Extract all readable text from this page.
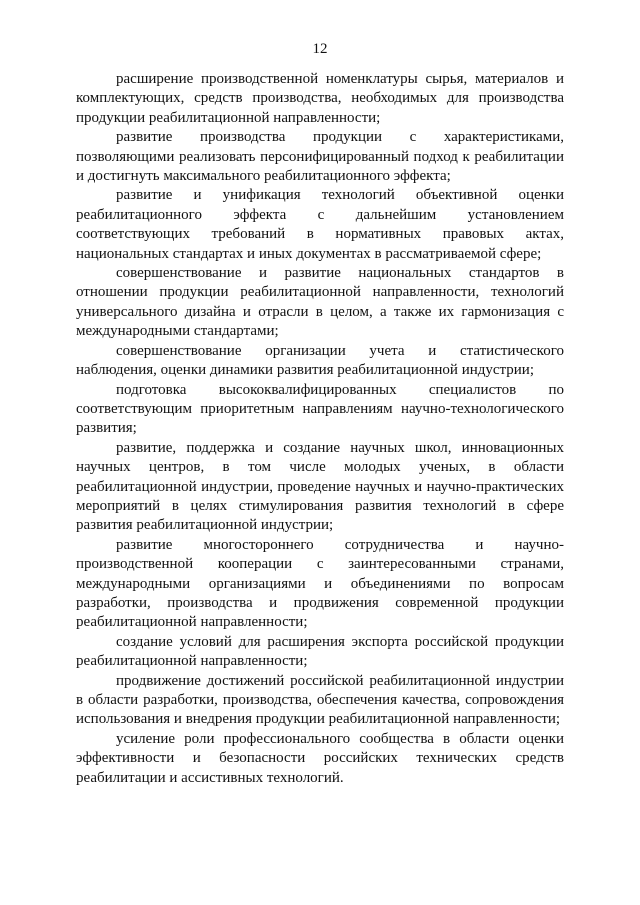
12

расширение производственной номенклатуры сырья, материалов и комплектующих, средств производства, необходимых для производства продукции реабилитационной направленности;

развитие производства продукции с характеристиками, позволяющими реализовать персонифицированный подход к реабилитации и достигнуть максимального реабилитационного эффекта;

развитие и унификация технологий объективной оценки реабилитационного эффекта с дальнейшим установлением соответствующих требований в нормативных правовых актах, национальных стандартах и иных документах в рассматриваемой сфере;

совершенствование и развитие национальных стандартов в отношении продукции реабилитационной направленности, технологий универсального дизайна и отрасли в целом, а также их гармонизация с международными стандартами;

совершенствование организации учета и статистического наблюдения, оценки динамики развития реабилитационной индустрии;

подготовка высококвалифицированных специалистов по соответствующим приоритетным направлениям научно-технологического развития;

развитие, поддержка и создание научных школ, инновационных научных центров, в том числе молодых ученых, в области реабилитационной индустрии, проведение научных и научно-практических мероприятий в целях стимулирования развития технологий в сфере развития реабилитационной индустрии;

развитие многостороннего сотрудничества и научно-производственной кооперации с заинтересованными странами, международными организациями и объединениями по вопросам разработки, производства и продвижения современной продукции реабилитационной направленности;

создание условий для расширения экспорта российской продукции реабилитационной направленности;

продвижение достижений российской реабилитационной индустрии в области разработки, производства, обеспечения качества, сопровождения использования и внедрения продукции реабилитационной направленности;

усиление роли профессионального сообщества в области оценки эффективности и безопасности российских технических средств реабилитации и ассистивных технологий.
